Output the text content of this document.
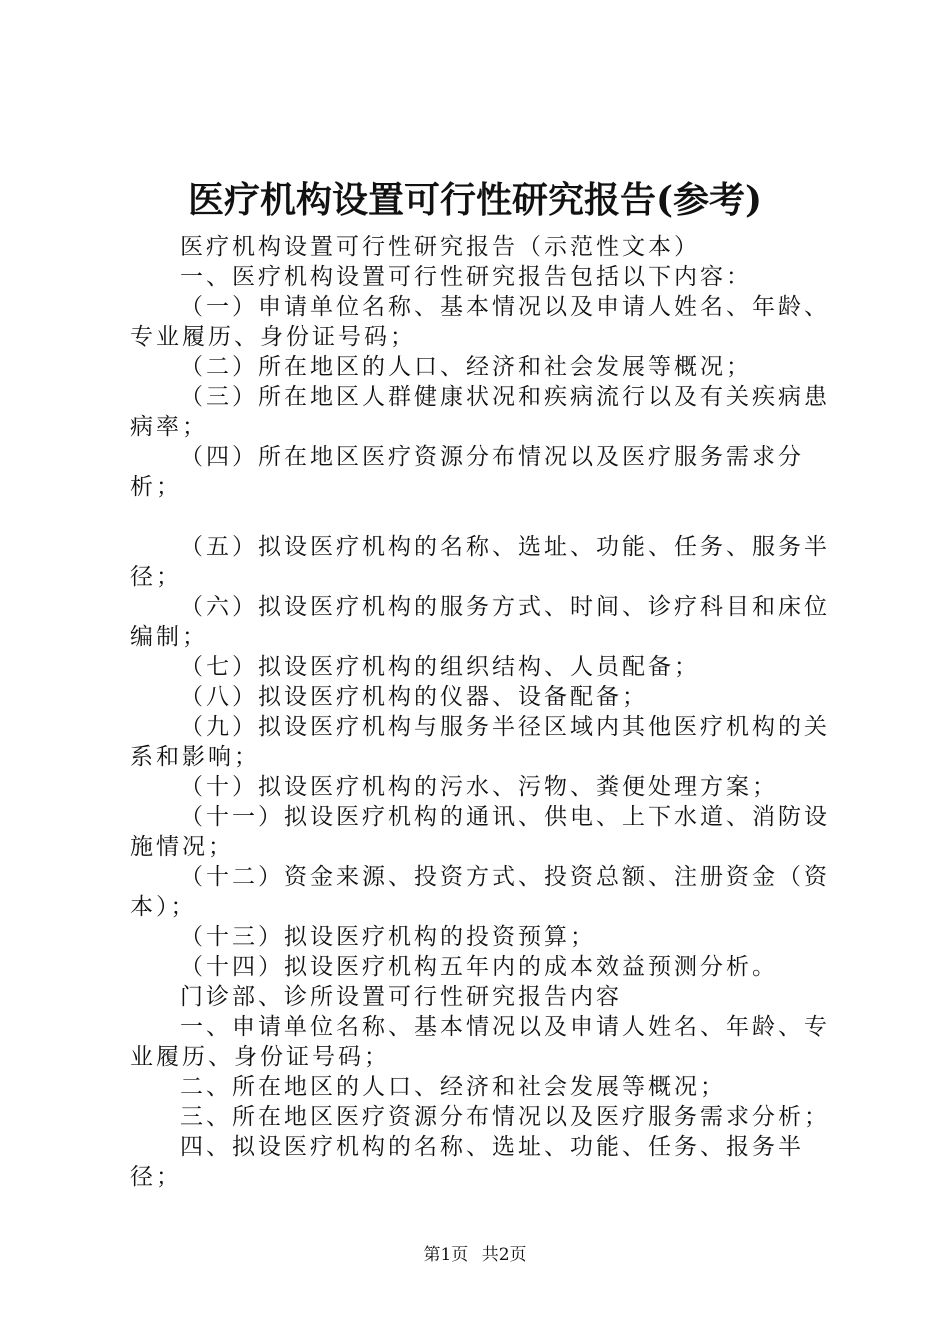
医疗机构设置可行性研究报告(参考)

医疗机构设置可行性研究报告（示范性文本）

一、医疗机构设置可行性研究报告包括以下内容：

（一）申请单位名称、基本情况以及申请人姓名、年龄、专业履历、身份证号码；

（二）所在地区的人口、经济和社会发展等概况；

（三）所在地区人群健康状况和疾病流行以及有关疾病患病率；

（四）所在地区医疗资源分布情况以及医疗服务需求分析；

（五）拟设医疗机构的名称、选址、功能、任务、服务半径；

（六）拟设医疗机构的服务方式、时间、诊疗科目和床位编制；

（七）拟设医疗机构的组织结构、人员配备；

（八）拟设医疗机构的仪器、设备配备；

（九）拟设医疗机构与服务半径区域内其他医疗机构的关系和影响；

（十）拟设医疗机构的污水、污物、粪便处理方案；

（十一）拟设医疗机构的通讯、供电、上下水道、消防设施情况；

（十二）资金来源、投资方式、投资总额、注册资金（资本）；

（十三）拟设医疗机构的投资预算；

（十四）拟设医疗机构五年内的成本效益预测分析。

门诊部、诊所设置可行性研究报告内容

一、申请单位名称、基本情况以及申请人姓名、年龄、专业履历、身份证号码；

二、所在地区的人口、经济和社会发展等概况；

三、所在地区医疗资源分布情况以及医疗服务需求分析；

四、拟设医疗机构的名称、选址、功能、任务、报务半径；

第1页 共2页
